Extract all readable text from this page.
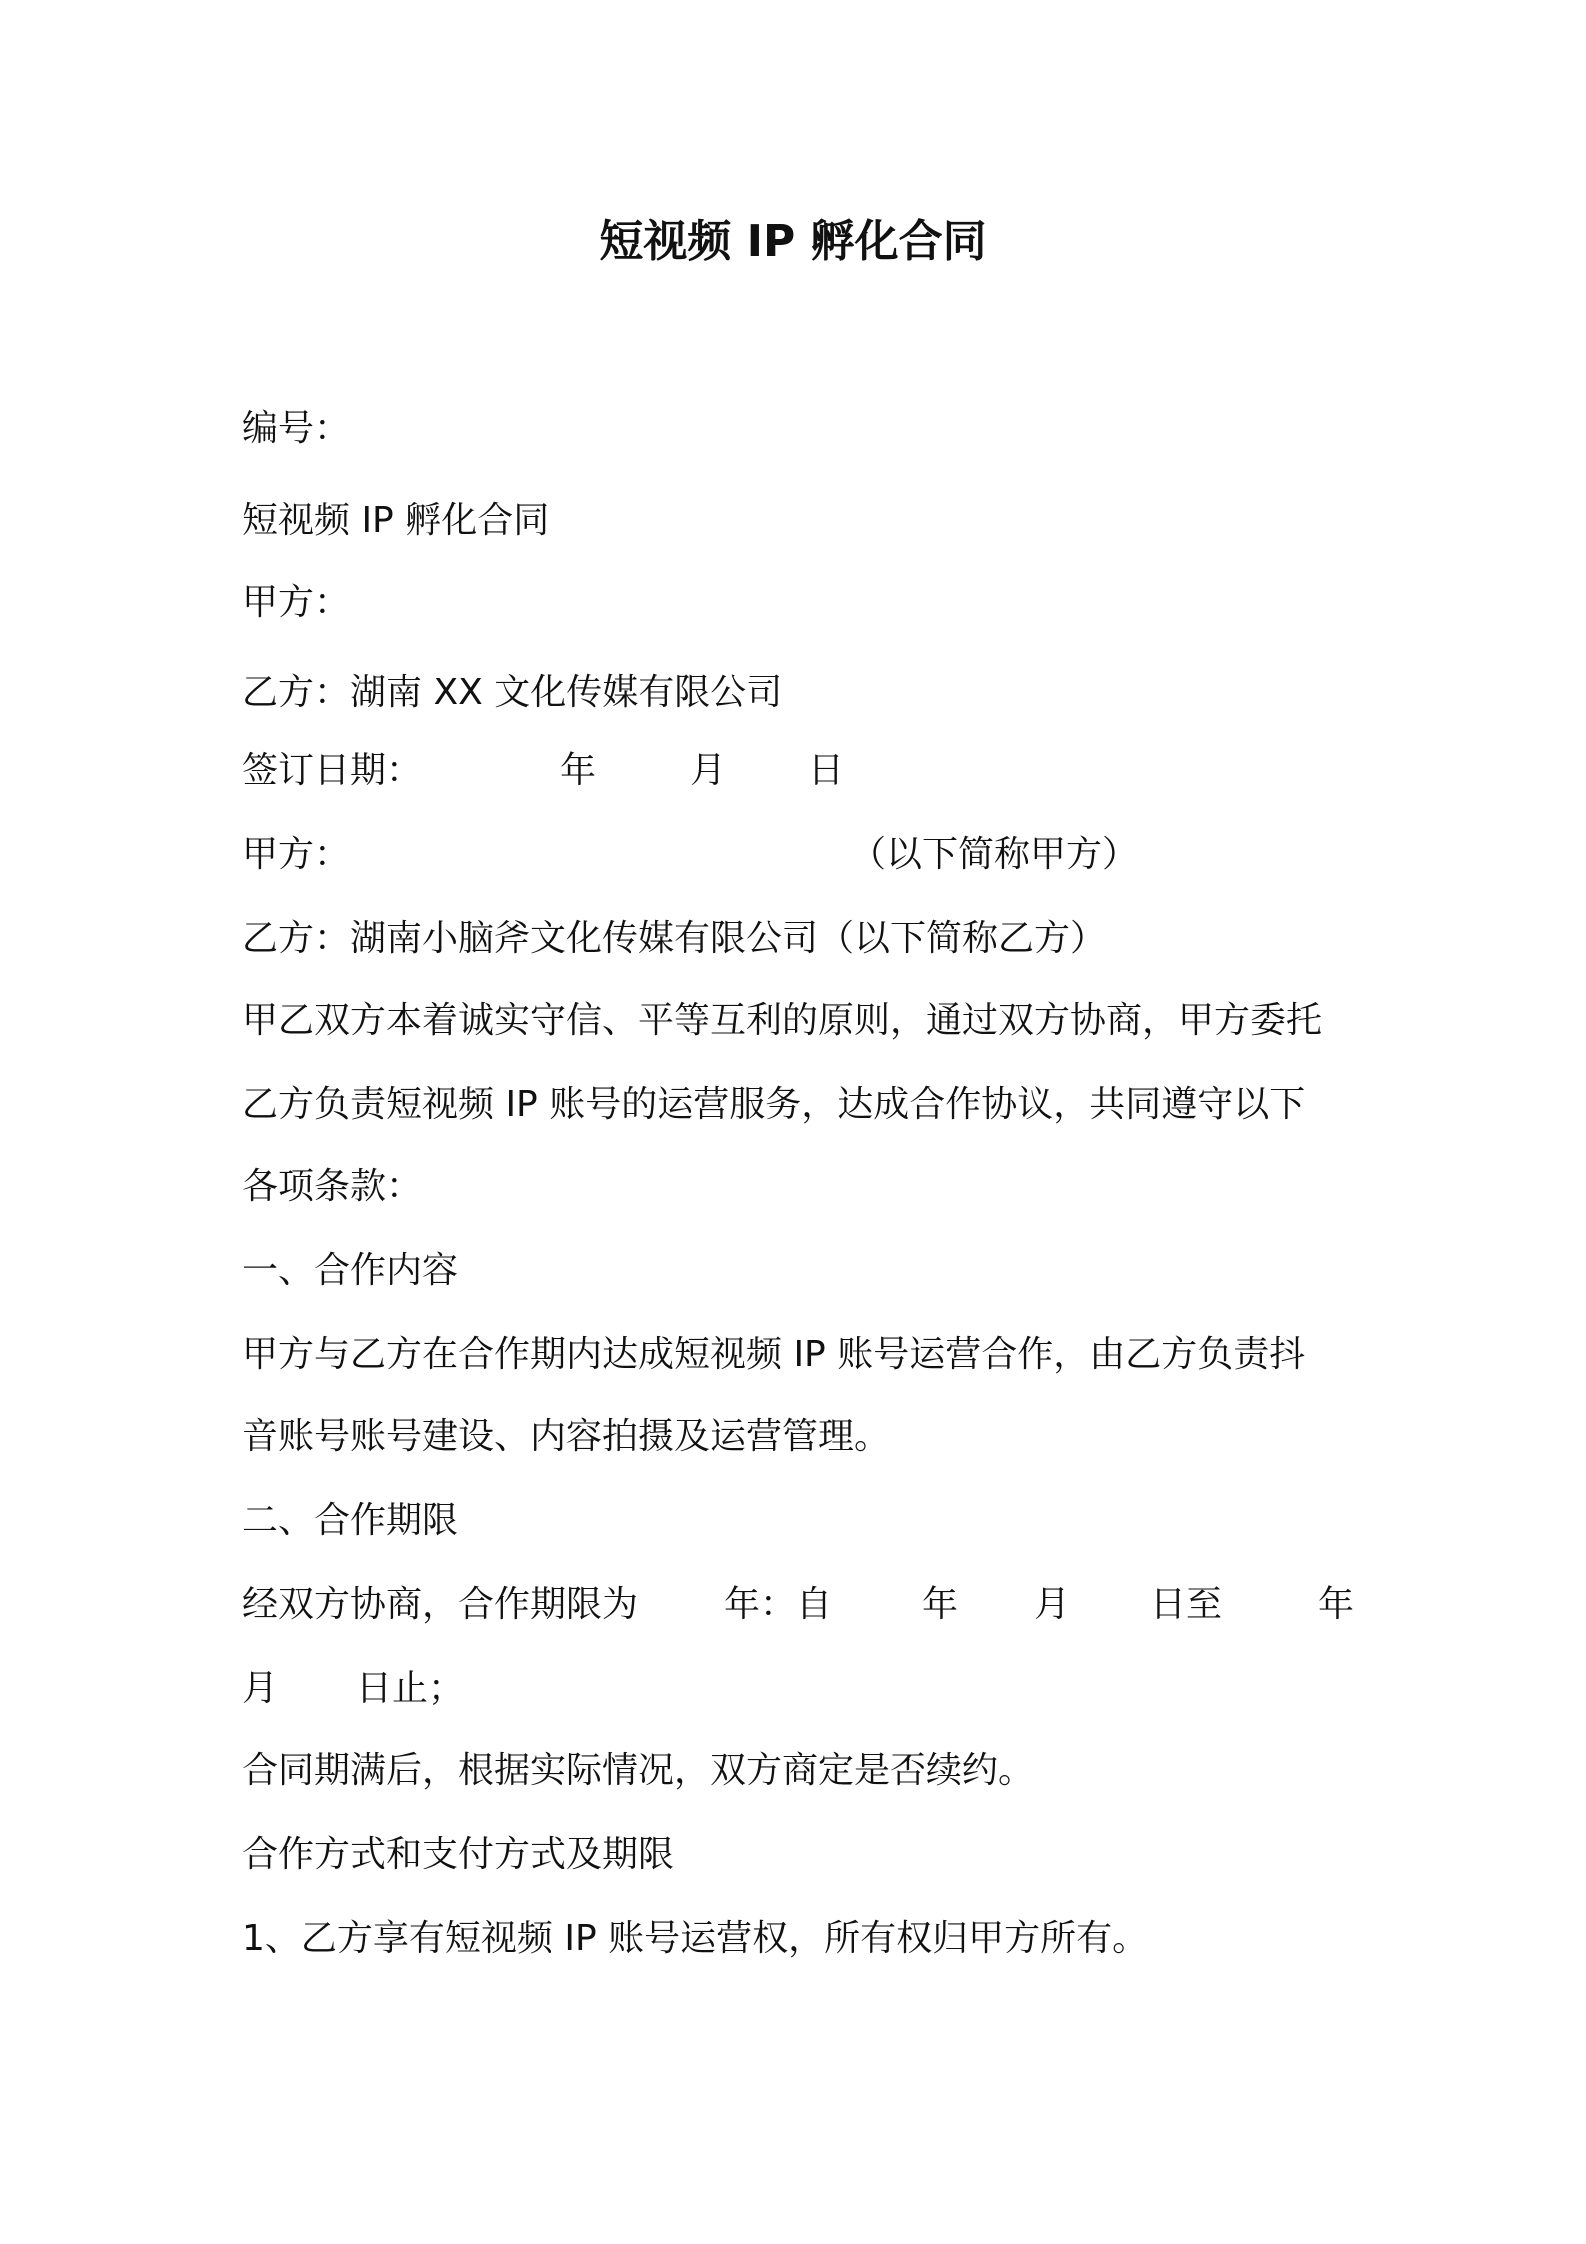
短视频 IP 孵化合同
编号：
短视频 IP 孵化合同
甲方：
乙方：湖南 XX 文化传媒有限公司
签订日期：	年	月 日
甲方：	（以下简称甲方）
乙方：湖南小脑斧文化传媒有限公司（以下简称乙方）
甲乙双方本着诚实守信、平等互利的原则，通过双方协商，甲方委托
乙方负责短视频 IP 账号的运营服务，达成合作协议，共同遵守以下
各项条款：
一、合作内容
甲方与乙方在合作期内达成短视频 IP 账号运营合作，由乙方负责抖
音账号账号建设、内容拍摄及运营管理。
二、合作期限
经双方协商，合作期限为 年：自 年 月 日至	年
月 日止；
合同期满后，根据实际情况，双方商定是否续约。
合作方式和支付方式及期限
1、乙方享有短视频 IP 账号运营权，所有权归甲方所有。
